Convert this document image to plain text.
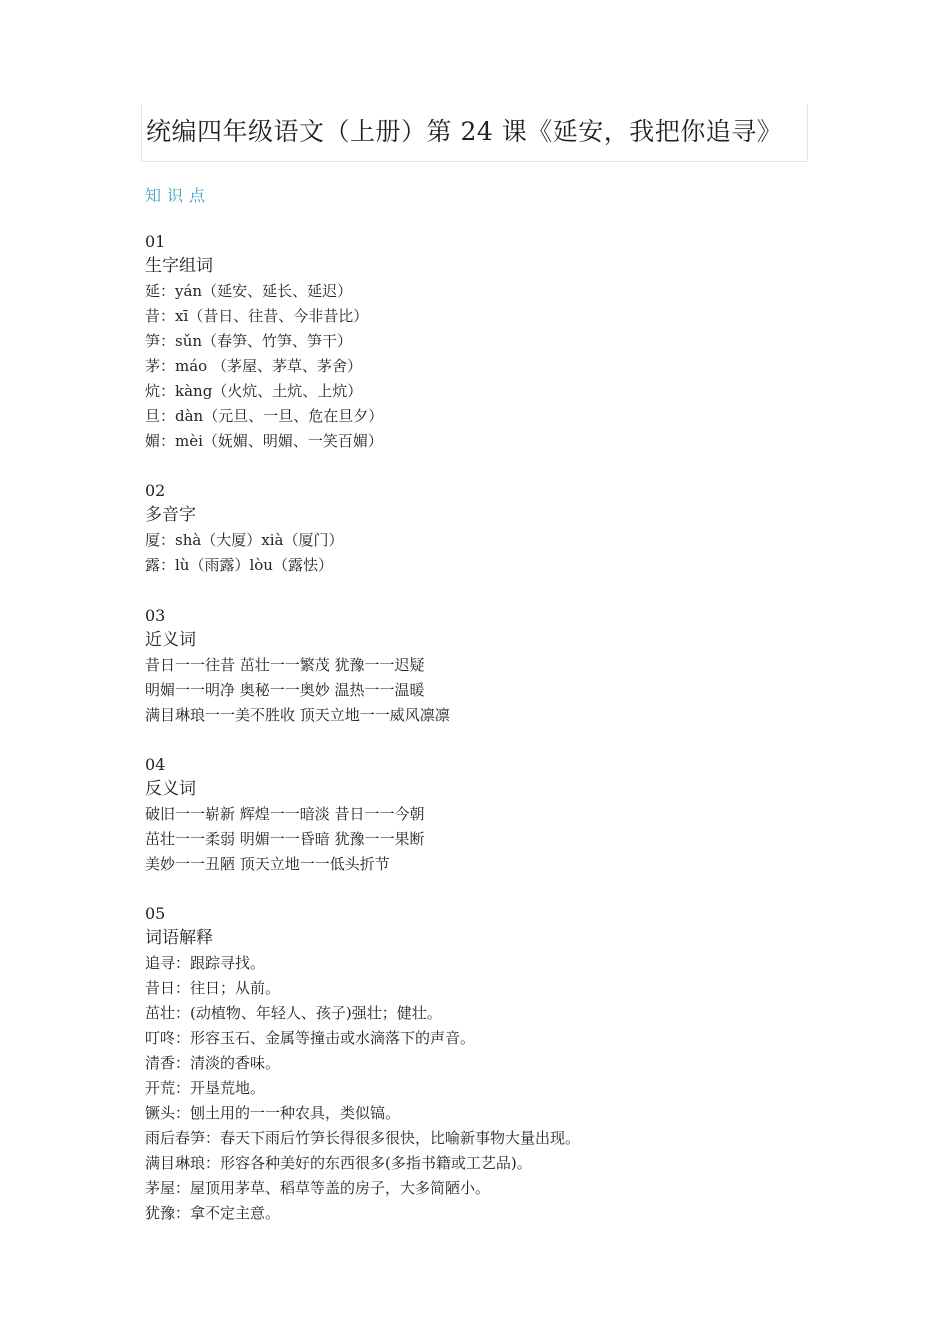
统编四年级语文（上册）第 24 课《延安，我把你追寻》
知识点
01
生字组词
延：yán（延安、延长、延迟）
昔：xī（昔日、往昔、今非昔比）
笋：sǔn（春笋、竹笋、笋干）
茅：máo （茅屋、茅草、茅舍）
炕：kàng（火炕、土炕、上炕）
旦：dàn（元旦、一旦、危在旦夕）
媚：mèi（妩媚、明媚、一笑百媚）
02
多音字
厦：shà（大厦）xià（厦门）
露：lù（雨露）lòu（露怯）
03
近义词
昔日一一往昔 茁壮一一繁茂 犹豫一一迟疑
明媚一一明净 奥秘一一奥妙 温热一一温暖
满目琳琅一一美不胜收 顶天立地一一威风凛凛
04
反义词
破旧一一崭新 辉煌一一暗淡 昔日一一今朝
茁壮一一柔弱 明媚一一昏暗 犹豫一一果断
美妙一一丑陋 顶天立地一一低头折节
05
词语解释
追寻：跟踪寻找。
昔日：往日；从前。
茁壮：(动植物、年轻人、孩子)强壮；健壮。
叮咚：形容玉石、金属等撞击或水滴落下的声音。
清香：清淡的香味。
开荒：开垦荒地。
镢头：刨土用的一一种农具，类似镐。
雨后春笋：春天下雨后竹笋长得很多很快，比喻新事物大量出现。
满目琳琅：形容各种美好的东西很多(多指书籍或工艺品)。
茅屋：屋顶用茅草、稻草等盖的房子，大多简陋小。
犹豫：拿不定主意。
